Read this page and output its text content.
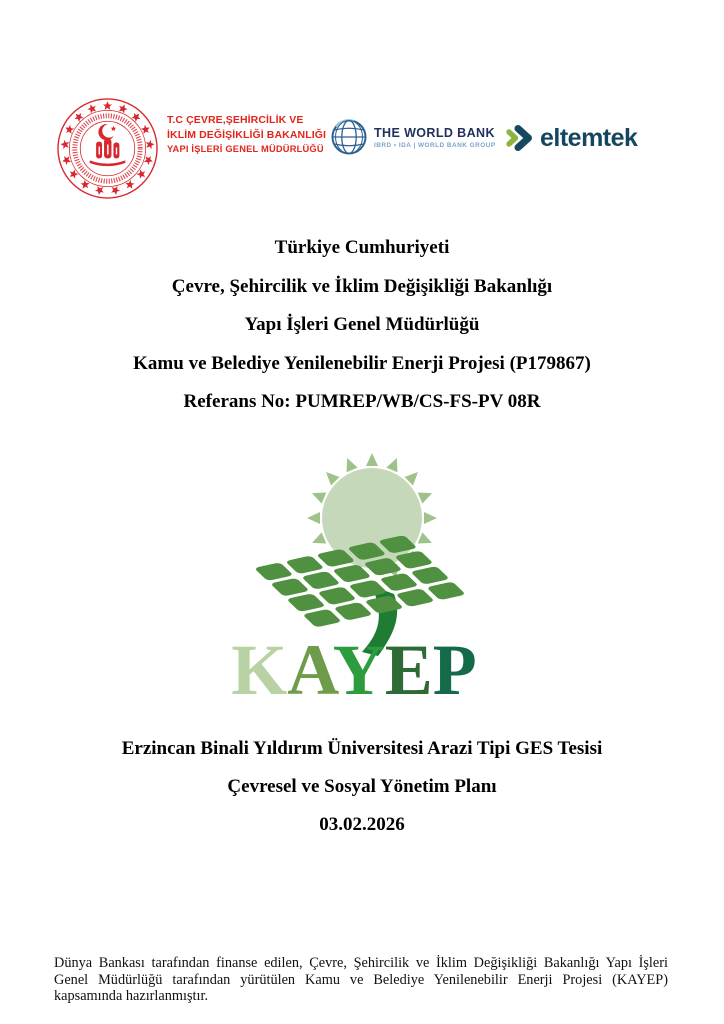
T.C ÇEVRE,ŞEHİRCİLİK VE
İKLİM DEĞİŞİKLİĞİ BAKANLIĞI
YAPI İŞLERİ GENEL MÜDÜRLÜĞÜ
THE WORLD BANK
IBRD • IDA | WORLD BANK GROUP eltemtek
Türkiye Cumhuriyeti
Çevre, Şehircilik ve İklim Değişikliği Bakanlığı
Yapı İşleri Genel Müdürlüğü
Kamu ve Belediye Yenilenebilir Enerji Projesi (P179867)
Referans No: PUMREP/WB/CS-FS-PV 08R
KAYEP
Erzincan Binali Yıldırım Üniversitesi Arazi Tipi GES Tesisi
Çevresel ve Sosyal Yönetim Planı
03.02.2026

Dünya Bankası tarafından finanse edilen, Çevre, Şehircilik ve İklim Değişikliği Bakanlığı Yapı İşleri Genel Müdürlüğü tarafından yürütülen Kamu ve Belediye Yenilenebilir Enerji Projesi (KAYEP) kapsamında hazırlanmıştır.
